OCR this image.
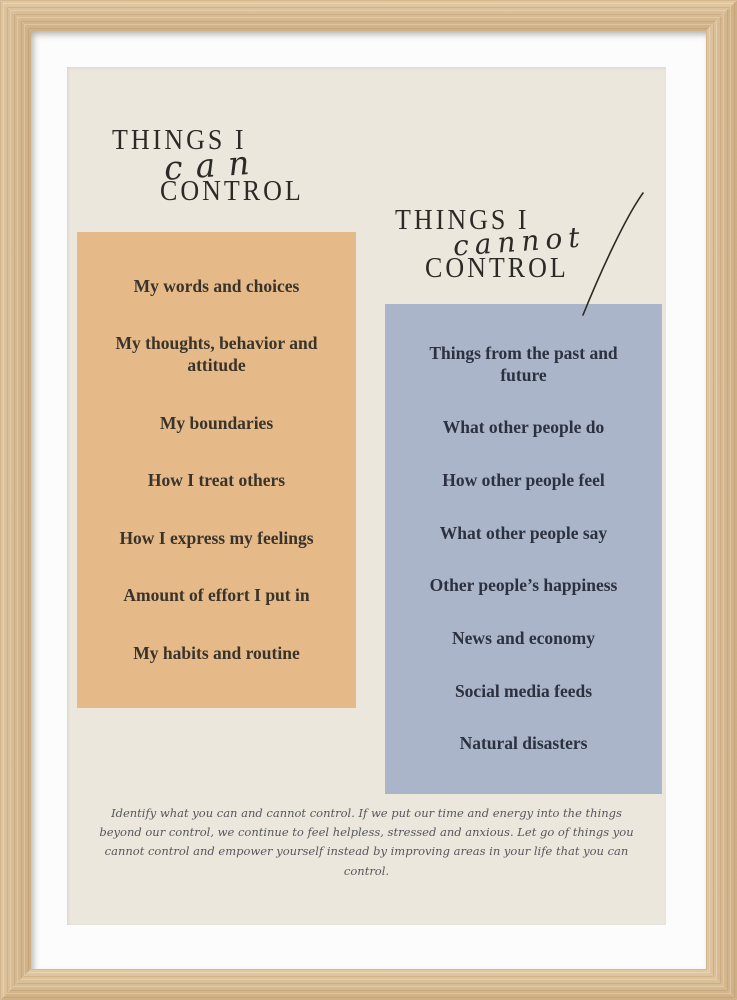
THINGS I
can
CONTROL
My words and choices
My thoughts, behavior and attitude
My boundaries
How I treat others
How I express my feelings
Amount of effort I put in
My habits and routine
THINGS I
cannot
CONTROL
Things from the past and future
What other people do
How other people feel
What other people say
Other people’s happiness
News and economy
Social media feeds
Natural disasters

Identify what you can and cannot control. If we put our time and energy into the things beyond our control, we continue to feel helpless, stressed and anxious. Let go of things you cannot control and empower yourself instead by improving areas in your life that you can control.
